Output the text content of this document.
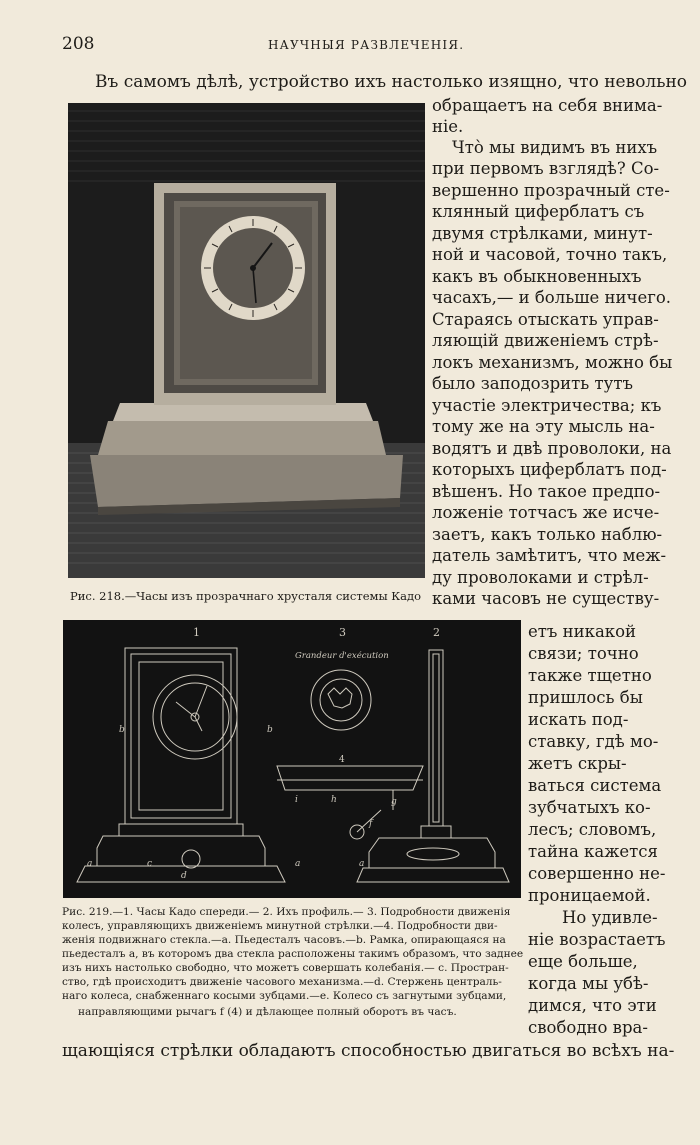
208	НАУЧНЫЯ РАЗВЛЕЧЕНІЯ.
Въ самомъ дѣлѣ, устройство ихъ настолько изящно, что невольно
Рис. 218.—Часы изъ прозрачнаго хрусталя системы Кадо
обращаетъ на себя внима-
ніе.
Что̀ мы видимъ въ нихъ
при первомъ взглядѣ? Со-
вершенно прозрачный сте-
клянный циферблатъ съ
двумя стрѣлками, минут-
ной и часовой, точно такъ,
какъ въ обыкновенныхъ
часахъ,— и больше ничего.
Стараясь отыскать управ-
ляющій движеніемъ стрѣ-
локъ механизмъ, можно бы
было заподозрить тутъ
участіе электричества; къ
тому же на эту мысль на-
водятъ и двѣ проволоки, на
которыхъ циферблатъ под-
вѣшенъ. Но такое предпо-
ложеніе тотчасъ же исче-
заетъ, какъ только наблю-
датель замѣтитъ, что меж-
ду проволоками и стрѣл-
ками часовъ не существу-
1	3	2
Grandeur d'exécution
b	b
4
i	h	g
f
a	c
d
a	a
етъ никакой
связи; точно
также тщетно
пришлось бы
искать под-
ставку, гдѣ мо-
жетъ скры-
ваться система
зубчатыхъ ко-
лесъ; словомъ,
тайна кажется
совершенно не-
проницаемой.
Но удивле-
ніе возрастаетъ
еще больше,
когда мы убѣ-
димся, что эти
свободно вра-
Рис. 219.—1. Часы Кадо спереди.— 2. Ихъ профиль.— 3. Подробности движенія
колесъ, управляющихъ движеніемъ минутной стрѣлки.—4. Подробности дви-
женія подвижнаго стекла.—a. Пьедесталъ часовъ.—b. Рамка, опирающаяся на
пьедесталъ a, въ которомъ два стекла расположены такимъ образомъ, что заднее
изъ нихъ настолько свободно, что можетъ совершать колебанія.— c. Простран-
ство, гдѣ происходитъ движеніе часового механизма.—d. Стержень централь-
наго колеса, снабженнаго косыми зубцами.—e. Колесо съ загнутыми зубцами,
направляющими рычагъ f (4) и дѣлающее полный оборотъ въ часъ.
щающіяся стрѣлки обладаютъ способностью двигаться во всѣхъ на-
